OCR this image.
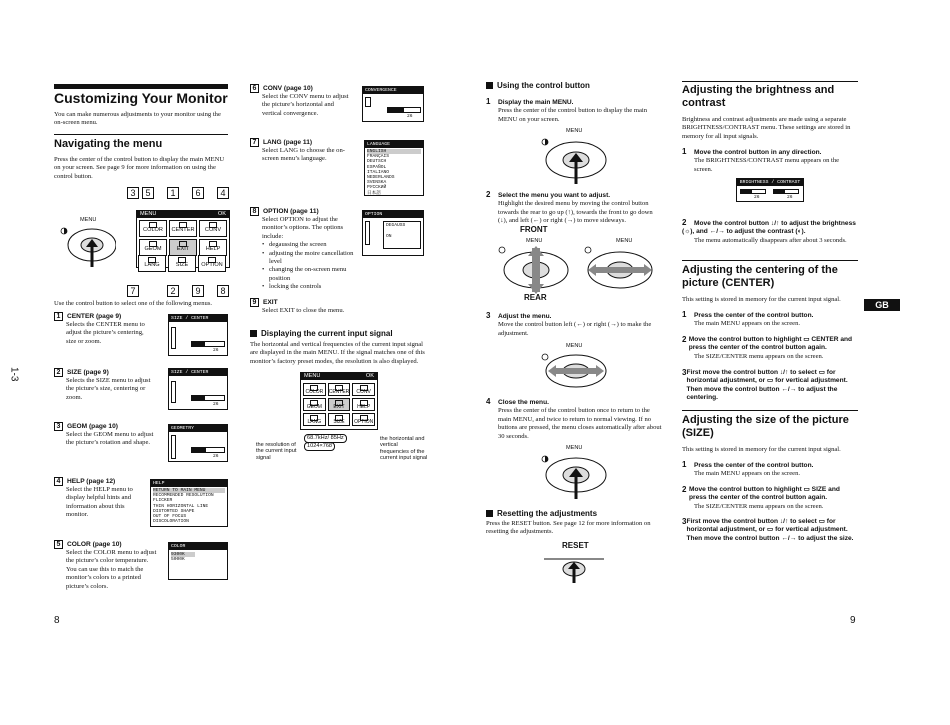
1-3
Customizing Your Monitor
You can make numerous adjustments to your monitor using the on-screen menu.
Navigating the menu
Press the center of the control button to display the main MENU on your screen. See page 9 for more information on using the control button.
3	5	1	6	4
MENU
MENU	OK
COLOR	CENTER	CONV
GEOM	EXIT	HELP
LANG	SIZE	OPTION
7	2	9	8
Use the control button to select one of the following menus.
1 CENTER (page 9)
Selects the CENTER menu to adjust the picture’s centering, size or zoom.
SIZE / CENTER
26
2 SIZE (page 9)
Selects the SIZE menu to adjust the picture’s size, centering or zoom.
SIZE / CENTER
26
3 GEOM (page 10)
Select the GEOM menu to adjust the picture’s rotation and shape.
GEOMETRY
26
4 HELP (page 12)
Select the HELP menu to display helpful hints and information about this monitor.
HELP
RETURN TO MAIN MENU
RECOMMENDED RESOLUTION
FLICKER
THIN HORIZONTAL LINE
DISTORTED SHAPE
OUT OF FOCUS
DISCOLORATION
5 COLOR (page 10)
Select the COLOR menu to adjust the picture’s color temperature. You can use this to match the monitor’s colors to a printed picture’s colors.
COLOR
9300K
5000K
8
6 CONV (page 10)
Select the CONV menu to adjust the picture’s horizontal and vertical convergence.
CONVERGENCE
26
7 LANG (page 11)
Select LANG to choose the on-screen menu’s language.
LANGUAGE
ENGLISH
FRANÇAIS
DEUTSCH
ESPAÑOL
ITALIANO
NEDERLANDS
SVENSKA
РУССКИЙ
日本語
8 OPTION (page 11)
Select OPTION to adjust the monitor’s options. The options include:
• degaussing the screen
• adjusting the moire cancellation level
• changing the on-screen menu position
• locking the controls
OPTION
DEGAUSS
ON
9 EXIT
Select EXIT to close the menu.
Displaying the current input signal
The horizontal and vertical frequencies of the current input signal are displayed in the main MENU. If the signal matches one of this monitor’s factory preset modes, the resolution is also displayed.
MENU	OK
COLOR	CENTER	CONV
GEOM	EXIT	HELP
LANG	SIZE	OPTION
68.7kHz/ 85Hz
1024×768
the resolution of the current input signal
the horizontal and vertical frequencies of the current input signal
Using the control button
1 Display the main MENU.
Press the center of the control button to display the main MENU on your screen.
MENU
2 Select the menu you want to adjust.
Highlight the desired menu by moving the control button towards the rear to go up (↑), towards the front to go down (↓), and left (←) or right (→) to move sideways.
FRONT
MENU	MENU
REAR
3 Adjust the menu.
Move the control button left (←) or right (→) to make the adjustment.
MENU
4 Close the menu.
Press the center of the control button once to return to the main MENU, and twice to return to normal viewing. If no buttons are pressed, the menu closes automatically after about 30 seconds.
MENU
Resetting the adjustments
Press the RESET button. See page 12 for more information on resetting the adjustments.
RESET
Adjusting the brightness and contrast
Brightness and contrast adjustments are made using a separate BRIGHTNESS/CONTRAST menu. These settings are stored in memory for all input signals.
1 Move the control button in any direction.
The BRIGHTNESS/CONTRAST menu appears on the screen.
BRIGHTNESS / CONTRAST
26	26
2 Move the control button ↓/↑ to adjust the brightness (☼), and ←/→ to adjust the contrast (◐).
The menu automatically disappears after about 3 seconds.
Adjusting the centering of the picture (CENTER)
This setting is stored in memory for the current input signal.
1 Press the center of the control button.
The main MENU appears on the screen.
2 Move the control button to highlight ▭ CENTER and press the center of the control button again.
The SIZE/CENTER menu appears on the screen.
3 First move the control button ↓/↑ to select ▭ for horizontal adjustment, or ▭ for vertical adjustment. Then move the control button ←/→ to adjust the centering.
Adjusting the size of the picture (SIZE)
This setting is stored in memory for the current input signal.
1 Press the center of the control button.
The main MENU appears on the screen.
2 Move the control button to highlight ▭ SIZE and press the center of the control button again.
The SIZE/CENTER menu appears on the screen.
3 First move the control button ↓/↑ to select ▭ for horizontal adjustment, or ▭ for vertical adjustment. Then move the control button ←/→ to adjust the size.
GB
9
